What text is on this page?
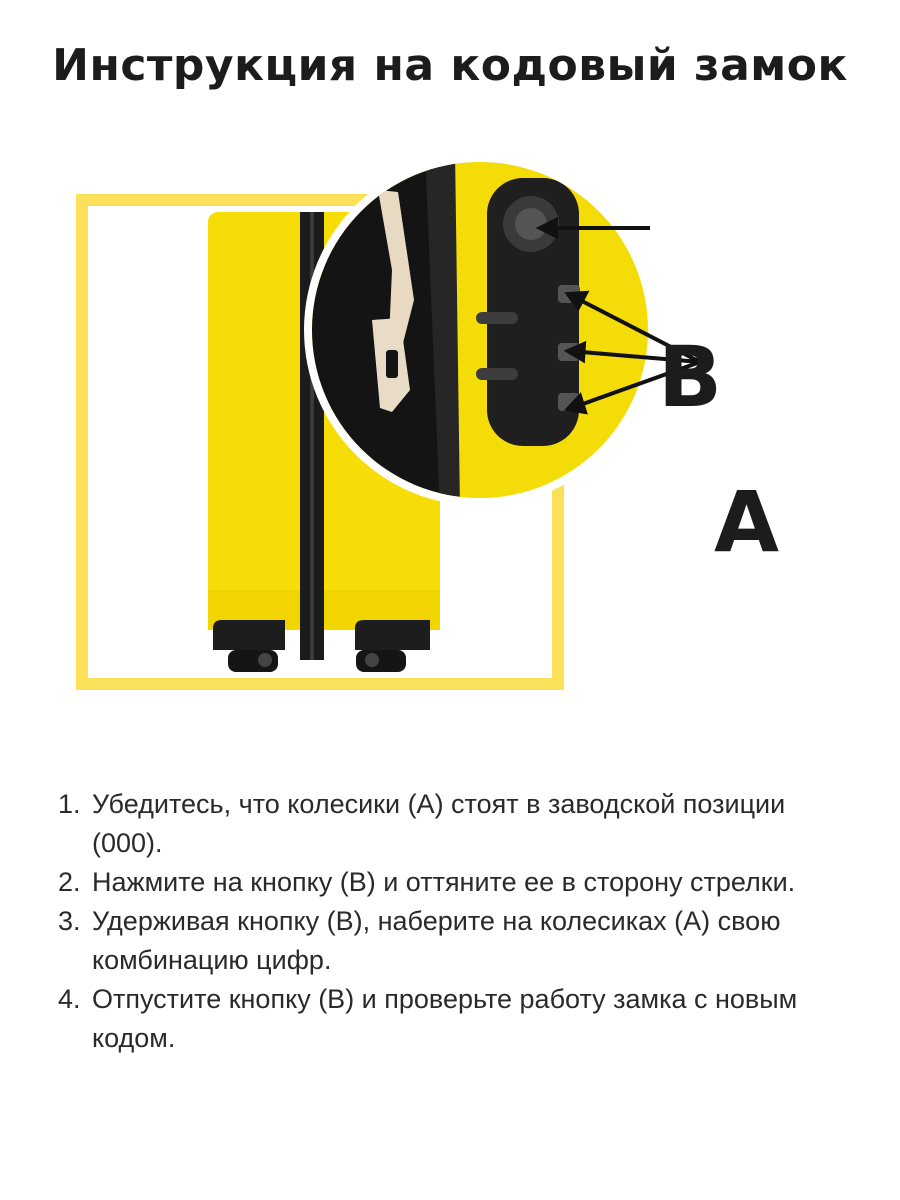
Инструкция на кодовый замок
B
A
1. Убедитесь, что колесики (А) стоят в заводской позиции (000).
2. Нажмите на кнопку (В) и оттяните ее в сторону стрелки.
3. Удерживая кнопку (В), наберите на колесиках (А) свою комбинацию цифр.
4. Отпустите кнопку (В) и проверьте работу замка с новым кодом.
